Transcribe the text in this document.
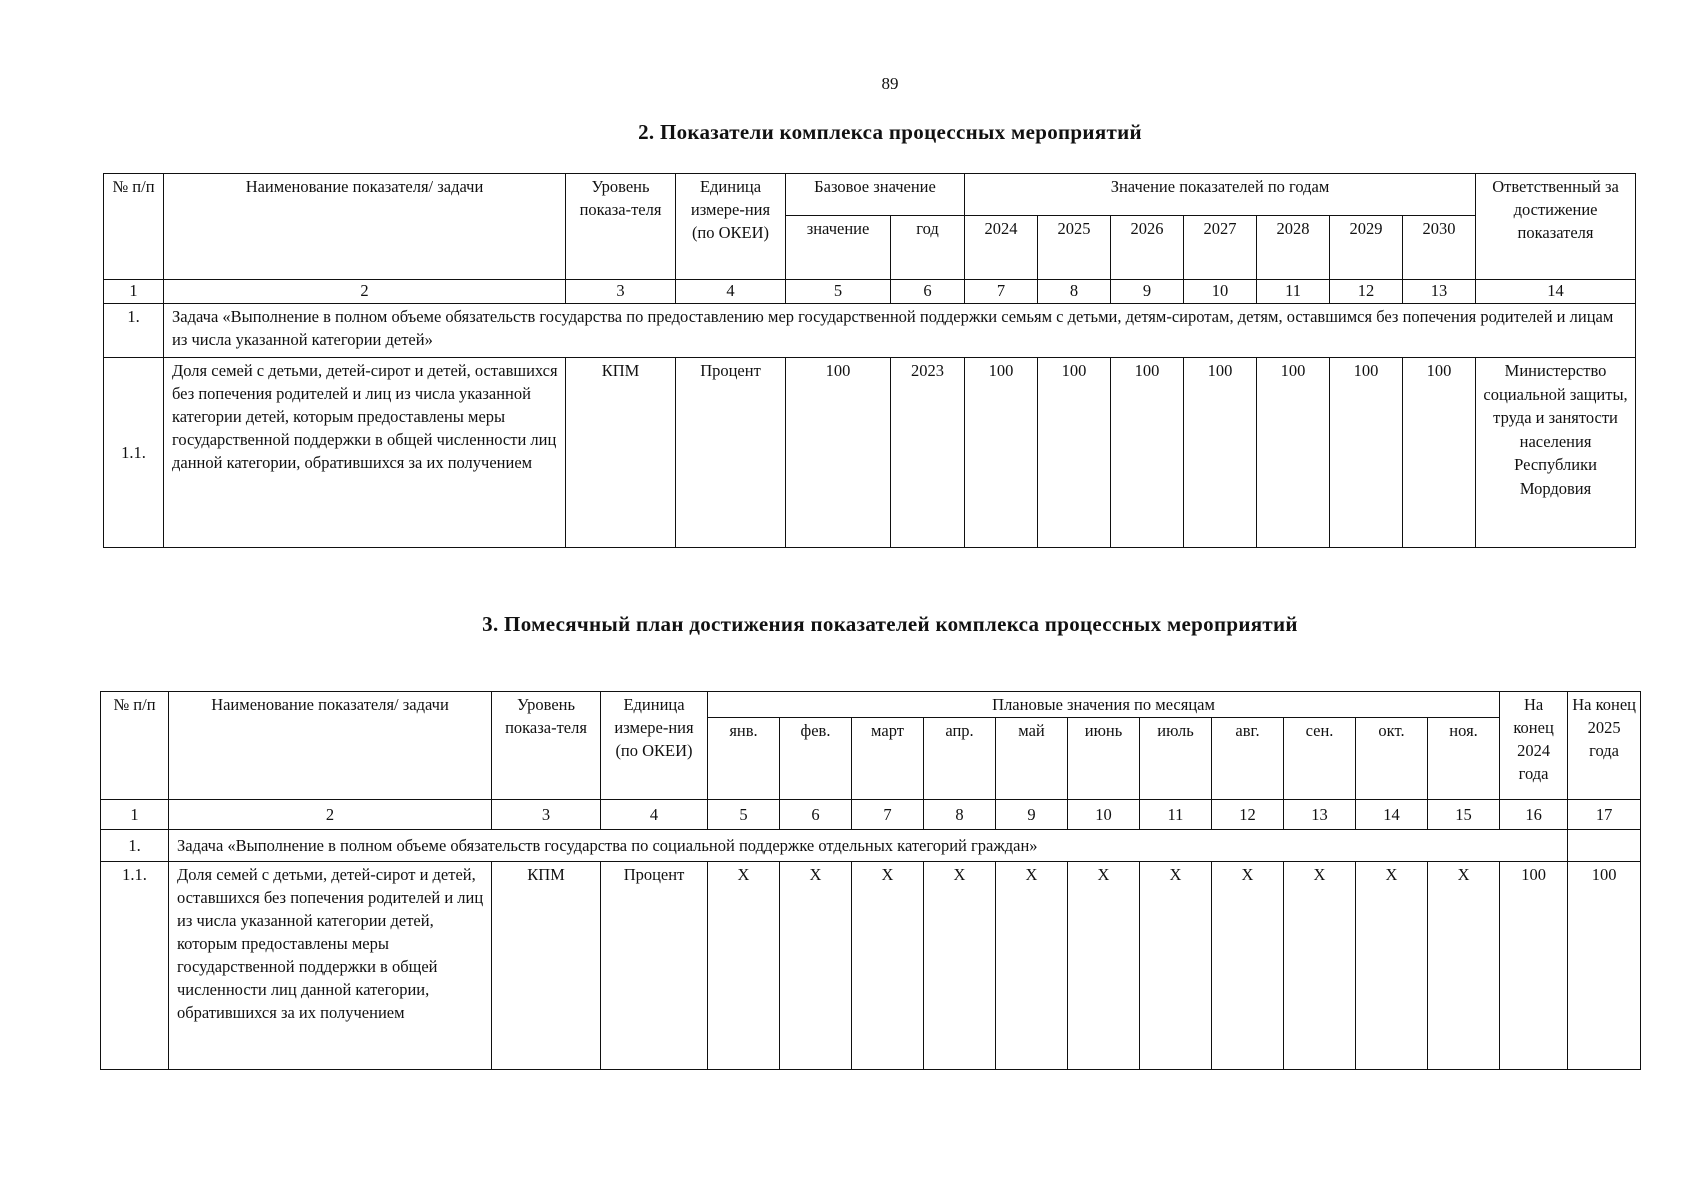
89
2. Показатели комплекса процессных мероприятий
№ п/п	Наименование показателя/ задачи	Уровень показа-теля	Единица измере-ния (по ОКЕИ)	Базовое значение		Значение показателей по годам							Ответственный за достижение показателя
				значение	год	2024	2025	2026	2027	2028	2029	2030	
1	2	3	4	5	6	7	8	9	10	11	12	13	14
1.	Задача «Выполнение в полном объеме обязательств государства по предоставлению мер государственной поддержки семьям с детьми, детям-сиротам, детям, оставшимся без попечения родителей и лицам из числа указанной категории детей»												
1.1.	Доля семей с детьми, детей-сирот и детей, оставшихся без попечения родителей и лиц из числа указанной категории детей, которым предоставлены меры государственной поддержки в общей численности лиц данной категории, обратившихся за их получением	КПМ	Процент	100	2023	100	100	100	100	100	100	100	Министерство социальной защиты, труда и занятости населения Республики Мордовия
3. Помесячный план достижения показателей комплекса процессных мероприятий
№ п/п	Наименование показателя/ задачи	Уровень показа-теля	Единица измере-ния (по ОКЕИ)	Плановые значения по месяцам											На конец 2024 года	На конец 2025 года
				янв.	фев.	март	апр.	май	июнь	июль	авг.	сен.	окт.	ноя.		
1	2	3	4	5	6	7	8	9	10	11	12	13	14	15	16	17
1.	Задача «Выполнение в полном объеме обязательств государства по социальной поддержке отдельных категорий граждан»															
1.1.	Доля семей с детьми, детей-сирот и детей, оставшихся без попечения родителей и лиц из числа указанной категории детей, которым предоставлены меры государственной поддержки в общей численности лиц данной категории, обратившихся за их получением	КПМ	Процент	Х	Х	Х	Х	Х	Х	Х	Х	Х	Х	Х	100	100
